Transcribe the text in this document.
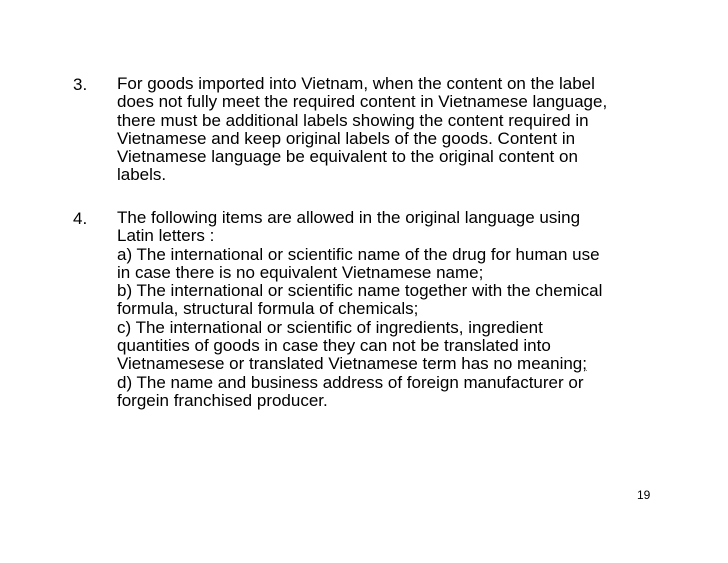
3. For goods imported into Vietnam, when the content on the label
does not fully meet the required content in Vietnamese language,
there must be additional labels showing the content required in
Vietnamese and keep original labels of the goods. Content in
Vietnamese language be equivalent to the original content on
labels.
4. The following items are allowed in the original language using
Latin letters :
a) The international or scientific name of the drug for human use
in case there is no equivalent Vietnamese name;
b) The international or scientific name together with the chemical
formula, structural formula of chemicals;
c) The international or scientific of ingredients, ingredient
quantities of goods in case they can not be translated into
Vietnamesese or translated Vietnamese term has no meaning;
d) The name and business address of foreign manufacturer or
forgein franchised producer.
19
